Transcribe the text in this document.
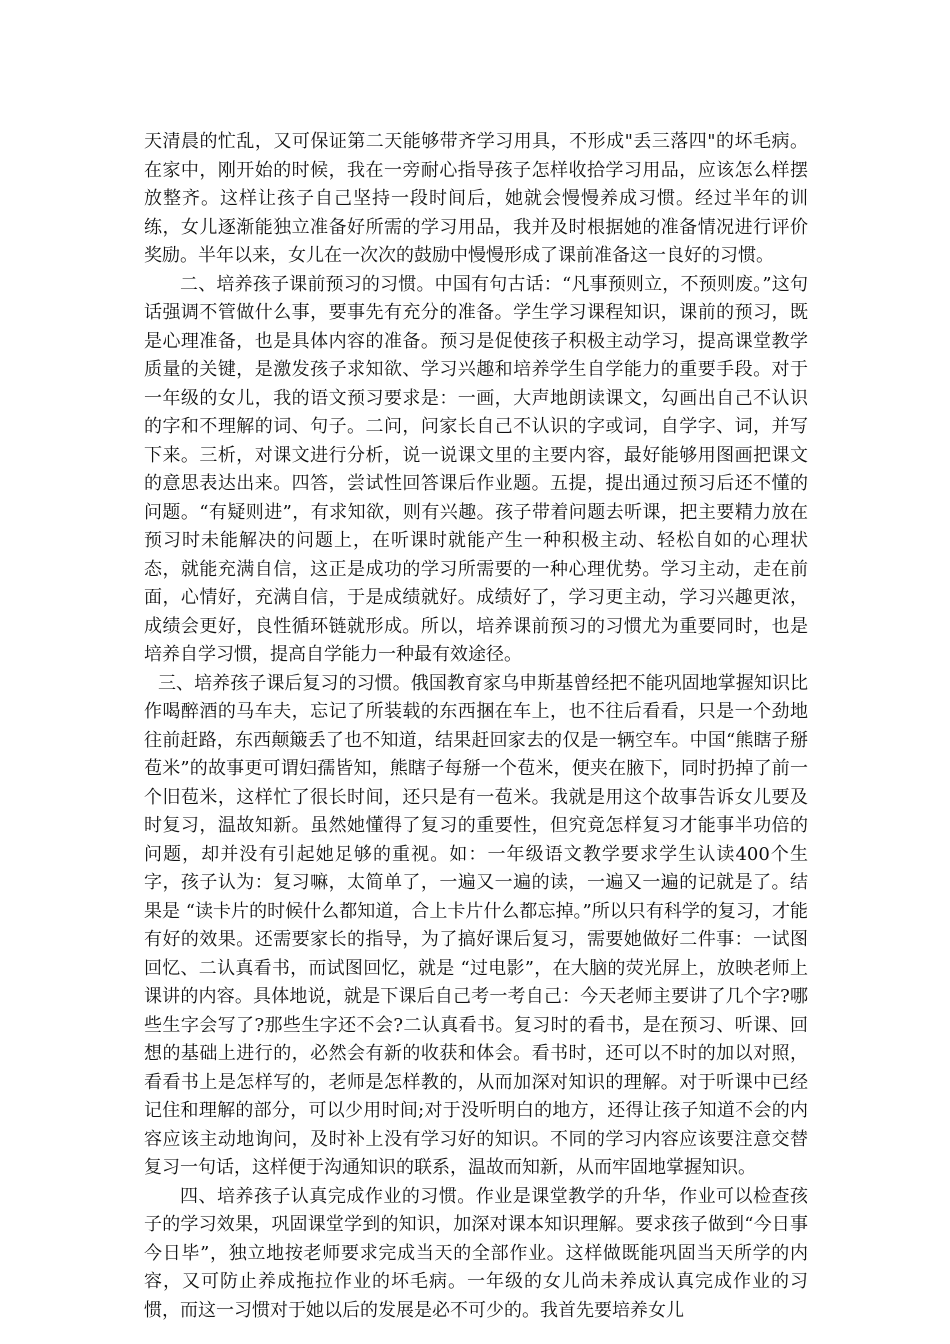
天清晨的忙乱，又可保证第二天能够带齐学习用具，不形成"丢三落四"的坏毛病。在家中，刚开始的时候，我在一旁耐心指导孩子怎样收拾学习用品，应该怎么样摆放整齐。这样让孩子自己坚持一段时间后，她就会慢慢养成习惯。经过半年的训练，女儿逐渐能独立准备好所需的学习用品，我并及时根据她的准备情况进行评价奖励。半年以来，女儿在一次次的鼓励中慢慢形成了课前准备这一良好的习惯。

二、培养孩子课前预习的习惯。中国有句古话：“凡事预则立，不预则废。”这句话强调不管做什么事，要事先有充分的准备。学生学习课程知识，课前的预习，既是心理准备，也是具体内容的准备。预习是促使孩子积极主动学习，提高课堂教学质量的关键，是激发孩子求知欲、学习兴趣和培养学生自学能力的重要手段。对于一年级的女儿，我的语文预习要求是：一画，大声地朗读课文，勾画出自己不认识的字和不理解的词、句子。二问，问家长自己不认识的字或词，自学字、词，并写下来。三析，对课文进行分析，说一说课文里的主要内容，最好能够用图画把课文的意思表达出来。四答，尝试性回答课后作业题。五提，提出通过预习后还不懂的问题。“有疑则进”，有求知欲，则有兴趣。孩子带着问题去听课，把主要精力放在预习时未能解决的问题上，在听课时就能产生一种积极主动、轻松自如的心理状态，就能充满自信，这正是成功的学习所需要的一种心理优势。学习主动，走在前面，心情好，充满自信，于是成绩就好。成绩好了，学习更主动，学习兴趣更浓，成绩会更好，良性循环链就形成。所以，培养课前预习的习惯尤为重要同时，也是培养自学习惯，提高自学能力一种最有效途径。

三、培养孩子课后复习的习惯。俄国教育家乌申斯基曾经把不能巩固地掌握知识比作喝醉酒的马车夫，忘记了所装载的东西捆在车上，也不往后看看，只是一个劲地往前赶路，东西颠簸丢了也不知道，结果赶回家去的仅是一辆空车。中国“熊瞎子掰苞米”的故事更可谓妇孺皆知，熊瞎子每掰一个苞米，便夹在腋下，同时扔掉了前一个旧苞米，这样忙了很长时间，还只是有一苞米。我就是用这个故事告诉女儿要及时复习，温故知新。虽然她懂得了复习的重要性，但究竟怎样复习才能事半功倍的问题，却并没有引起她足够的重视。如：一年级语文教学要求学生认读400个生字，孩子认为：复习嘛，太简单了，一遍又一遍的读，一遍又一遍的记就是了。结果是 “读卡片的时候什么都知道，合上卡片什么都忘掉。”所以只有科学的复习，才能有好的效果。还需要家长的指导，为了搞好课后复习，需要她做好二件事：一试图回忆、二认真看书，而试图回忆，就是 “过电影”，在大脑的荧光屏上，放映老师上课讲的内容。具体地说，就是下课后自己考一考自己：今天老师主要讲了几个字?哪些生字会写了?那些生字还不会?二认真看书。复习时的看书，是在预习、听课、回想的基础上进行的，必然会有新的收获和体会。看书时，还可以不时的加以对照，看看书上是怎样写的，老师是怎样教的，从而加深对知识的理解。对于听课中已经记住和理解的部分，可以少用时间;对于没听明白的地方，还得让孩子知道不会的内容应该主动地询问，及时补上没有学习好的知识。不同的学习内容应该要注意交替复习一句话，这样便于沟通知识的联系，温故而知新，从而牢固地掌握知识。

四、培养孩子认真完成作业的习惯。作业是课堂教学的升华，作业可以检查孩子的学习效果，巩固课堂学到的知识，加深对课本知识理解。要求孩子做到“今日事今日毕”，独立地按老师要求完成当天的全部作业。这样做既能巩固当天所学的内容，又可防止养成拖拉作业的坏毛病。一年级的女儿尚未养成认真完成作业的习惯，而这一习惯对于她以后的发展是必不可少的。我首先要培养女儿
